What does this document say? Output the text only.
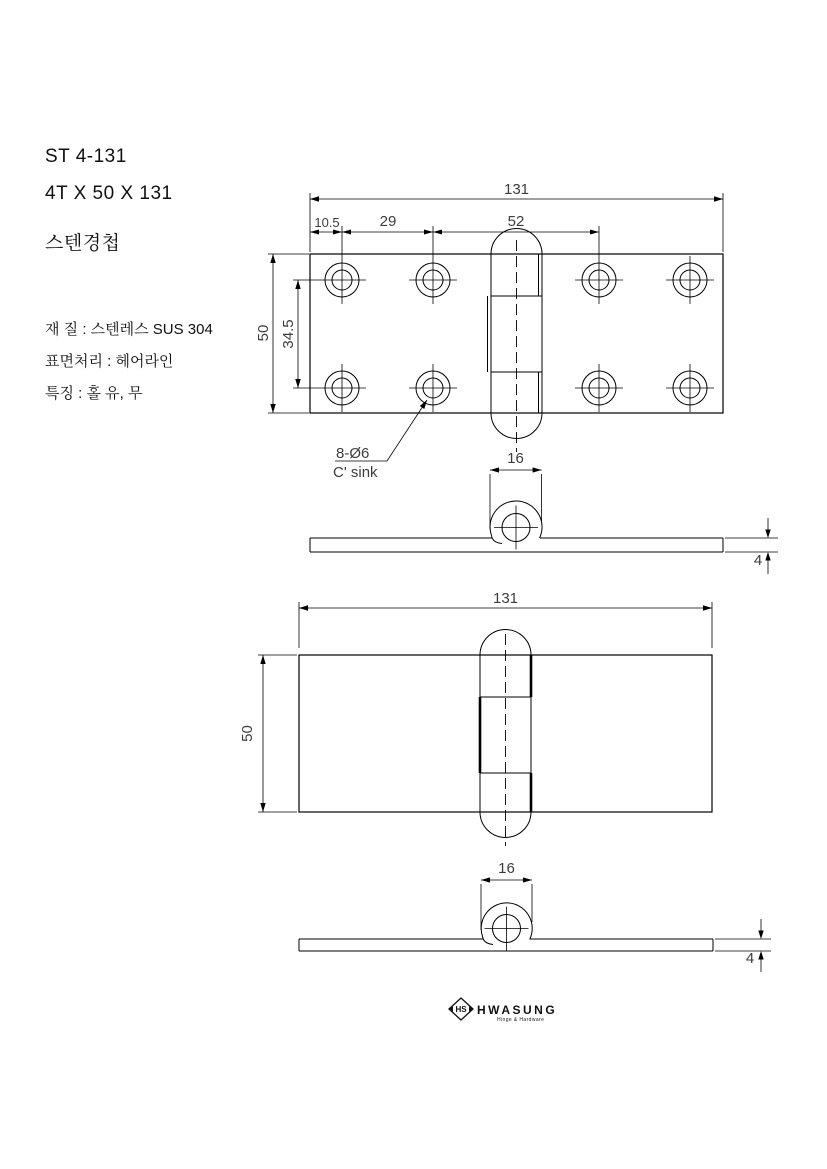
ST 4-131
4T X 50 X 131
스텐경첩
재 질 : 스텐레스 SUS 304
표면처리 : 헤어라인
특징 : 홀 유, 무
131
10.5	29	52
50 34.5
8-Ø6
C' sink
16
4
131
50
16
4
HS HWASUNG
Hinge & Hardware
